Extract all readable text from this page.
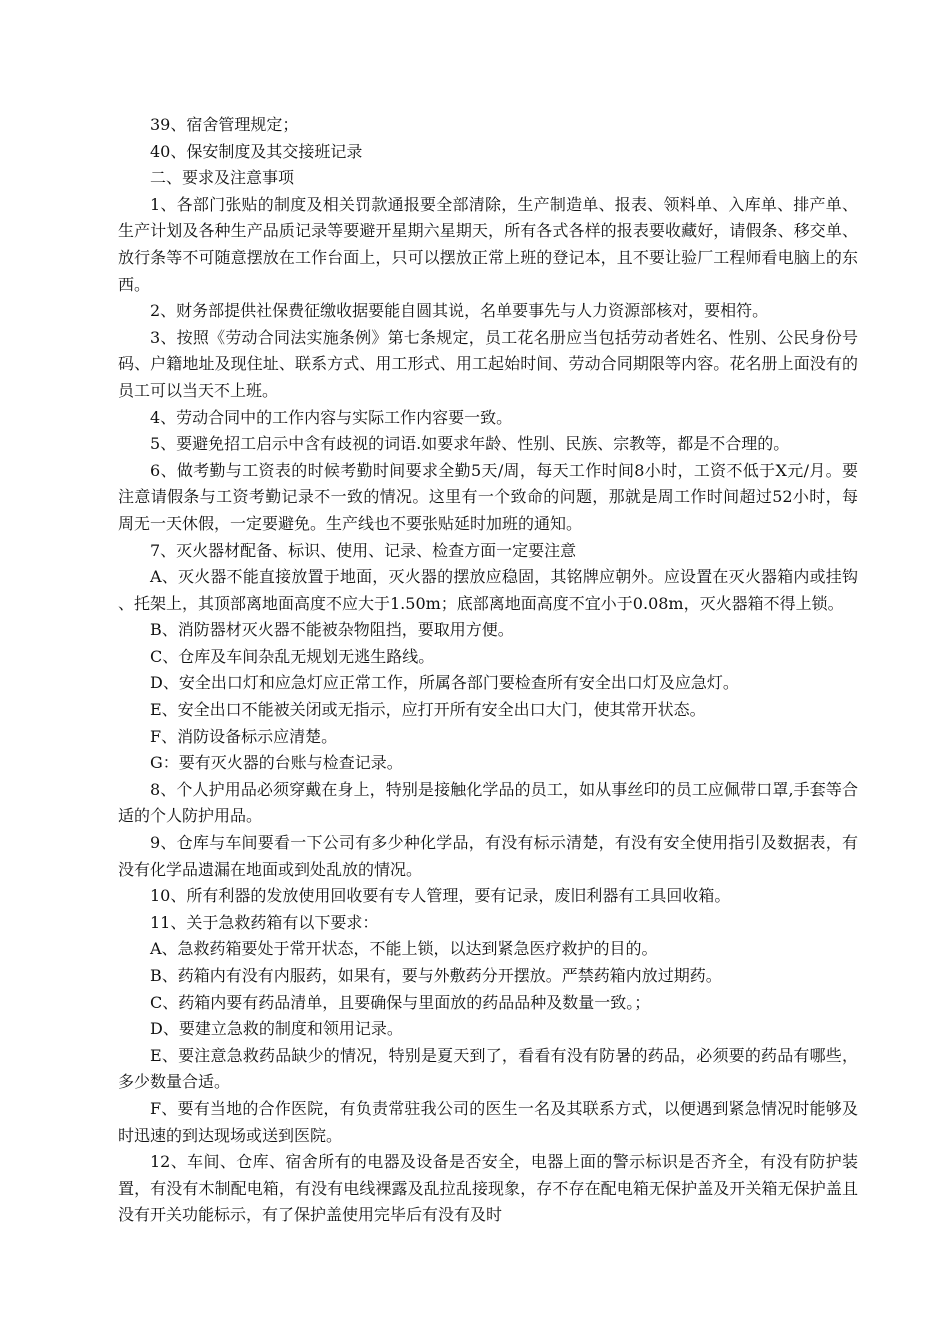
39、宿舍管理规定；

40、保安制度及其交接班记录

二、要求及注意事项

1、各部门张贴的制度及相关罚款通报要全部清除，生产制造单、报表、领料单、入库单、排产单、生产计划及各种生产品质记录等要避开星期六星期天，所有各式各样的报表要收藏好，请假条、移交单、放行条等不可随意摆放在工作台面上，只可以摆放正常上班的登记本，且不要让验厂工程师看电脑上的东西。

2、财务部提供社保费征缴收据要能自圆其说，名单要事先与人力资源部核对，要相符。

3、按照《劳动合同法实施条例》第七条规定，员工花名册应当包括劳动者姓名、性别、公民身份号码、户籍地址及现住址、联系方式、用工形式、用工起始时间、劳动合同期限等内容。花名册上面没有的员工可以当天不上班。

4、劳动合同中的工作内容与实际工作内容要一致。

5、要避免招工启示中含有歧视的词语.如要求年龄、性别、民族、宗教等，都是不合理的。

6、做考勤与工资表的时候考勤时间要求全勤5天/周，每天工作时间8小时，工资不低于X元/月。要注意请假条与工资考勤记录不一致的情况。这里有一个致命的问题，那就是周工作时间超过52小时，每周无一天休假，一定要避免。生产线也不要张贴延时加班的通知。

7、灭火器材配备、标识、使用、记录、检查方面一定要注意

A、灭火器不能直接放置于地面，灭火器的摆放应稳固，其铭牌应朝外。应设置在灭火器箱内或挂钩、托架上，其顶部离地面高度不应大于1.50m；底部离地面高度不宜小于0.08m，灭火器箱不得上锁。

B、消防器材灭火器不能被杂物阻挡，要取用方便。

C、仓库及车间杂乱无规划无逃生路线。

D、安全出口灯和应急灯应正常工作，所属各部门要检查所有安全出口灯及应急灯。

E、安全出口不能被关闭或无指示，应打开所有安全出口大门，使其常开状态。

F、消防设备标示应清楚。

G：要有灭火器的台账与检查记录。

8、个人护用品必须穿戴在身上，特别是接触化学品的员工，如从事丝印的员工应佩带口罩,手套等合适的个人防护用品。

9、仓库与车间要看一下公司有多少种化学品，有没有标示清楚，有没有安全使用指引及数据表，有没有化学品遗漏在地面或到处乱放的情况。

10、所有利器的发放使用回收要有专人管理，要有记录，废旧利器有工具回收箱。

11、关于急救药箱有以下要求：

A、急救药箱要处于常开状态，不能上锁，以达到紧急医疗救护的目的。

B、药箱内有没有内服药，如果有，要与外敷药分开摆放。严禁药箱内放过期药。

C、药箱内要有药品清单，且要确保与里面放的药品品种及数量一致。；

D、要建立急救的制度和领用记录。

E、要注意急救药品缺少的情况，特别是夏天到了，看看有没有防暑的药品，必须要的药品有哪些，多少数量合适。

F、要有当地的合作医院，有负责常驻我公司的医生一名及其联系方式，以便遇到紧急情况时能够及时迅速的到达现场或送到医院。

12、车间、仓库、宿舍所有的电器及设备是否安全，电器上面的警示标识是否齐全，有没有防护装置，有没有木制配电箱，有没有电线裸露及乱拉乱接现象，存不存在配电箱无保护盖及开关箱无保护盖且没有开关功能标示，有了保护盖使用完毕后有没有及时
